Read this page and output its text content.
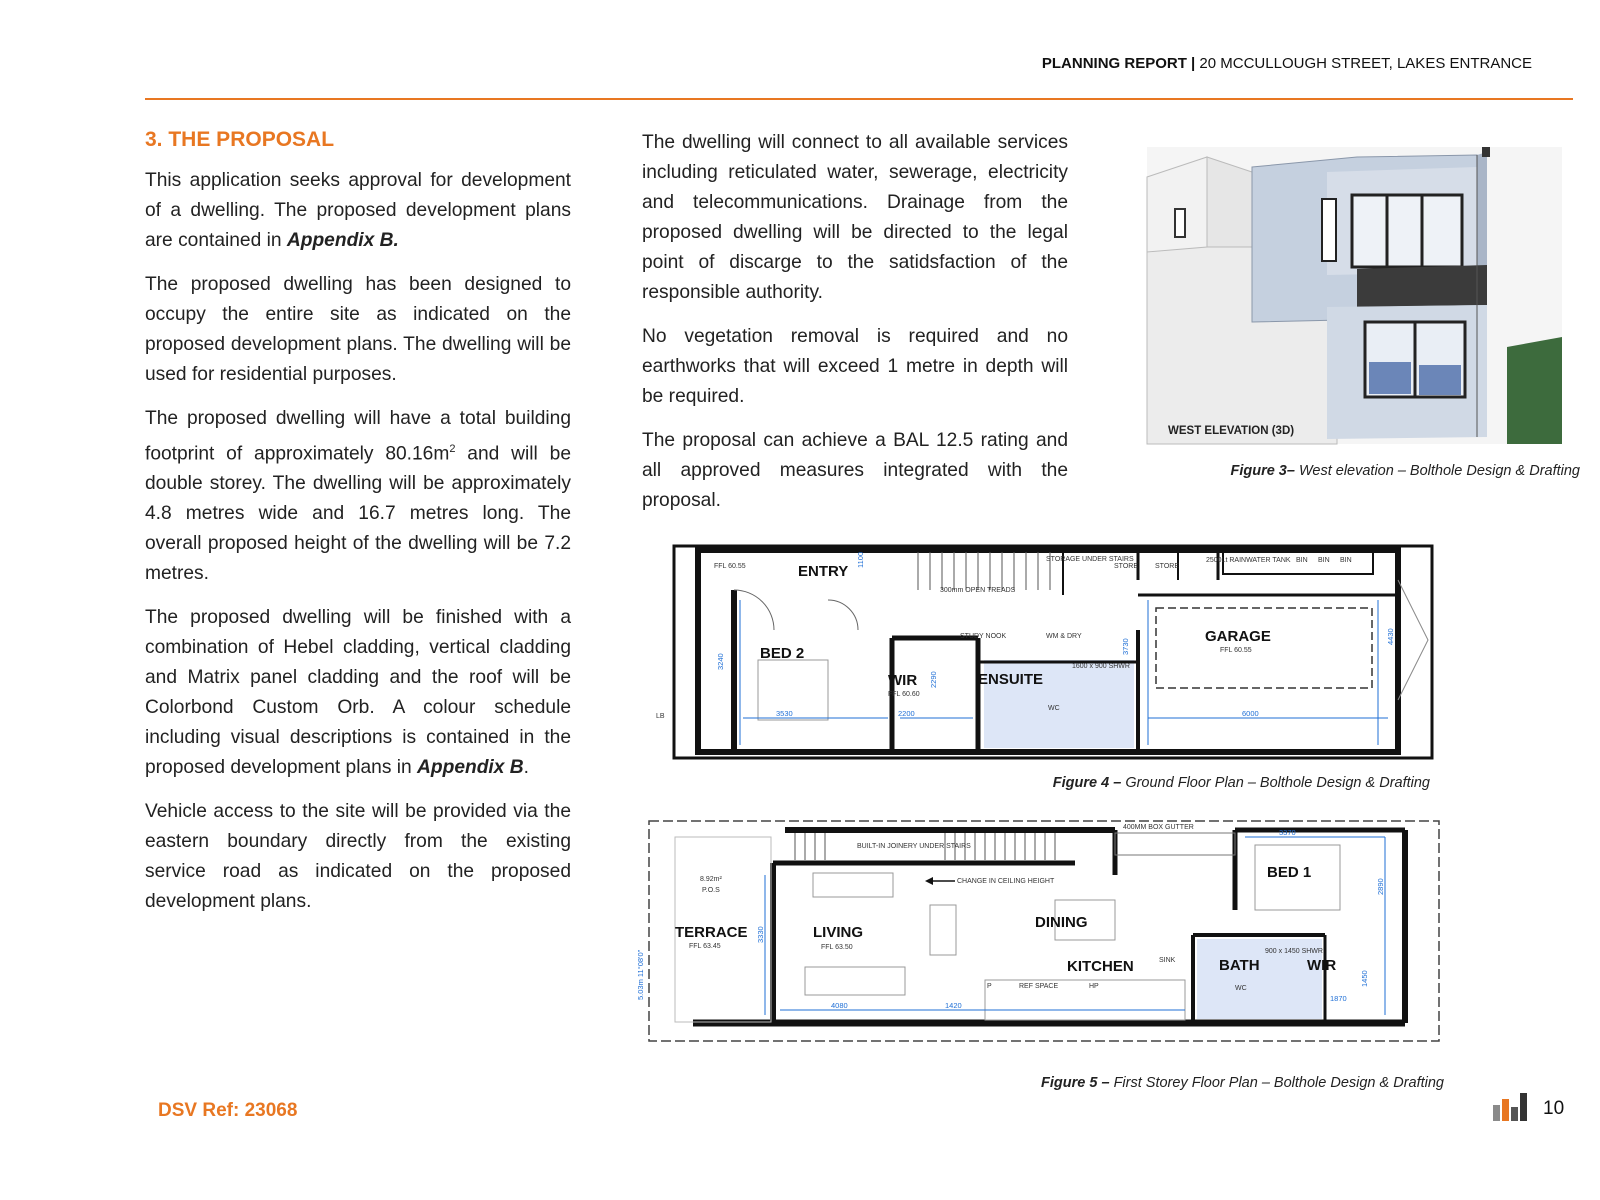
PLANNING REPORT | 20 MCCULLOUGH STREET, LAKES ENTRANCE
3. THE PROPOSAL

This application seeks approval for development of a dwelling. The proposed development plans are contained in Appendix B.

The proposed dwelling has been designed to occupy the entire site as indicated on the proposed development plans. The dwelling will be used for residential purposes.

The proposed dwelling will have a total building footprint of approximately $80.16m^2$ and will be double storey. The dwelling will be approximately 4.8 metres wide and 16.7 metres long. The overall proposed height of the dwelling will be 7.2 metres.

The proposed dwelling will be finished with a combination of Hebel cladding, vertical cladding and Matrix panel cladding and the roof will be Colorbond Custom Orb. A colour schedule including visual descriptions is contained in the proposed development plans in Appendix B.

Vehicle access to the site will be provided via the eastern boundary directly from the existing service road as indicated on the proposed development plans.

The dwelling will connect to all available services including reticulated water, sewerage, electricity and telecommunications. Drainage from the proposed dwelling will be directed to the legal point of discarge to the satidsfaction of the responsible authority.

No vegetation removal is required and no earthworks that will exceed 1 metre in depth will be required.

The proposal can achieve a BAL 12.5 rating and all approved measures integrated with the proposal.

WEST ELEVATION (3D)
Figure 3– West elevation – Bolthole Design & Drafting
ENTRY
BED 2
WIR	ENSUITE
GARAGE
FFL 60.55
FFL 60.60
FFL 60.55
STORAGE UNDER STAIRS
STORE STORE
2500Lt RAINWATER TANK BIN BIN BIN
300mm OPEN TREADS
STUDY NOOK	WM & DRY
1600 x 900 SHWR
WC
LB
1100
3240
3530
2290
2200
3730
4430
6000
Figure 4 – Ground Floor Plan – Bolthole Design & Drafting
TERRACE	LIVING
DINING
KITCHEN
BED 1
BATH	WIR
8.92m²
P.O.S
FFL 63.45	FFL 63.50
BUILT-IN JOINERY UNDER STAIRS
CHANGE IN CEILING HEIGHT
400MM BOX GUTTER
SINK
900 x 1450 SHWR
REF SPACE	HP
P	WC
5.03m 11°08'0"
3330
4080	1420
3370
2890
1450
1870
Figure 5 – First Storey Floor Plan – Bolthole Design & Drafting
DSV Ref: 23068	10
